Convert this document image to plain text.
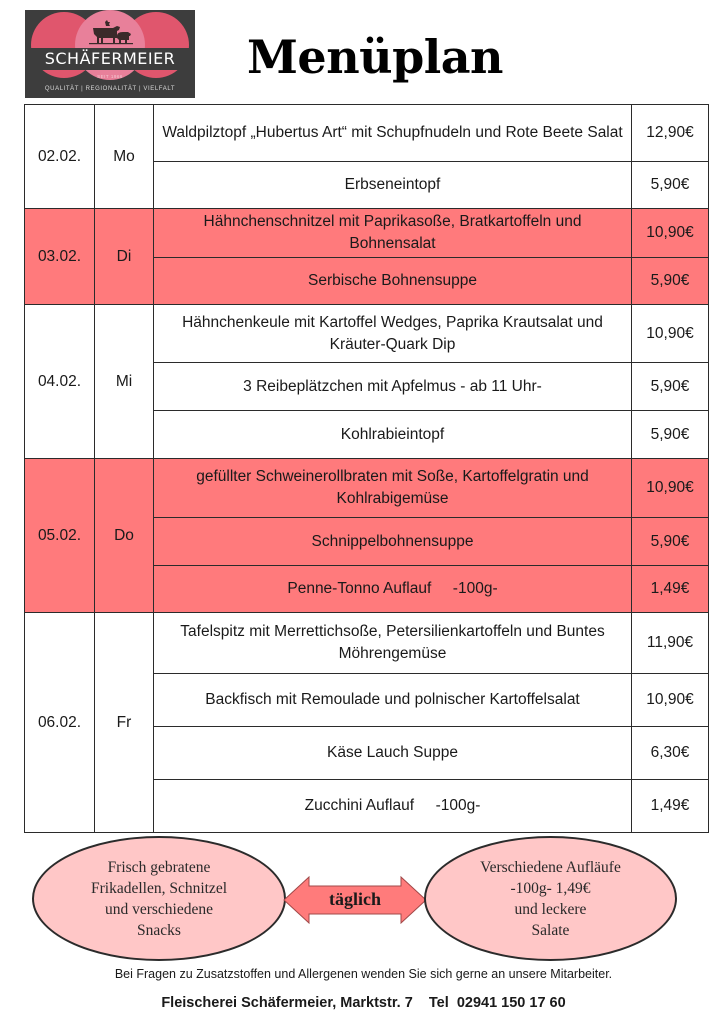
SCHÄFERMEIER
SEIT 1966
QUALITÄT | REGIONALITÄT | VIELFALT
Menüplan
02.02.	Mo	Waldpilztopf „Hubertus Art“ mit Schupfnudeln und Rote Beete Salat	12,90€
		Erbseneintopf	5,90€
03.02.	Di	Hähnchenschnitzel mit Paprikasoße, Bratkartoffeln und Bohnensalat	10,90€
		Serbische Bohnensuppe	5,90€
04.02.	Mi	Hähnchenkeule mit Kartoffel Wedges, Paprika Krautsalat und Kräuter-Quark Dip	10,90€
		3 Reibeplätzchen mit Apfelmus - ab 11 Uhr-	5,90€
		Kohlrabieintopf	5,90€
05.02.	Do	gefüllter Schweinerollbraten mit Soße, Kartoffelgratin und Kohlrabigemüse	10,90€
		Schnippelbohnensuppe	5,90€
		Penne-Tonno Auflauf     -100g-	1,49€
06.02.	Fr	Tafelspitz mit Merrettichsoße, Petersilienkartoffeln und Buntes Möhrengemüse	11,90€
		Backfisch mit Remoulade und polnischer Kartoffelsalat	10,90€
		Käse Lauch Suppe	6,30€
		Zucchini Auflauf     -100g-	1,49€
Frisch gebratene
Frikadellen, Schnitzel
und verschiedene
Snacks
täglich
Verschiedene Aufläufe
-100g- 1,49€
und leckere
Salate
Bei Fragen zu Zusatzstoffen und Allergenen wenden Sie sich gerne an unsere Mitarbeiter.
Fleischerei Schäfermeier, Marktstr. 7    Tel  02941 150 17 60
